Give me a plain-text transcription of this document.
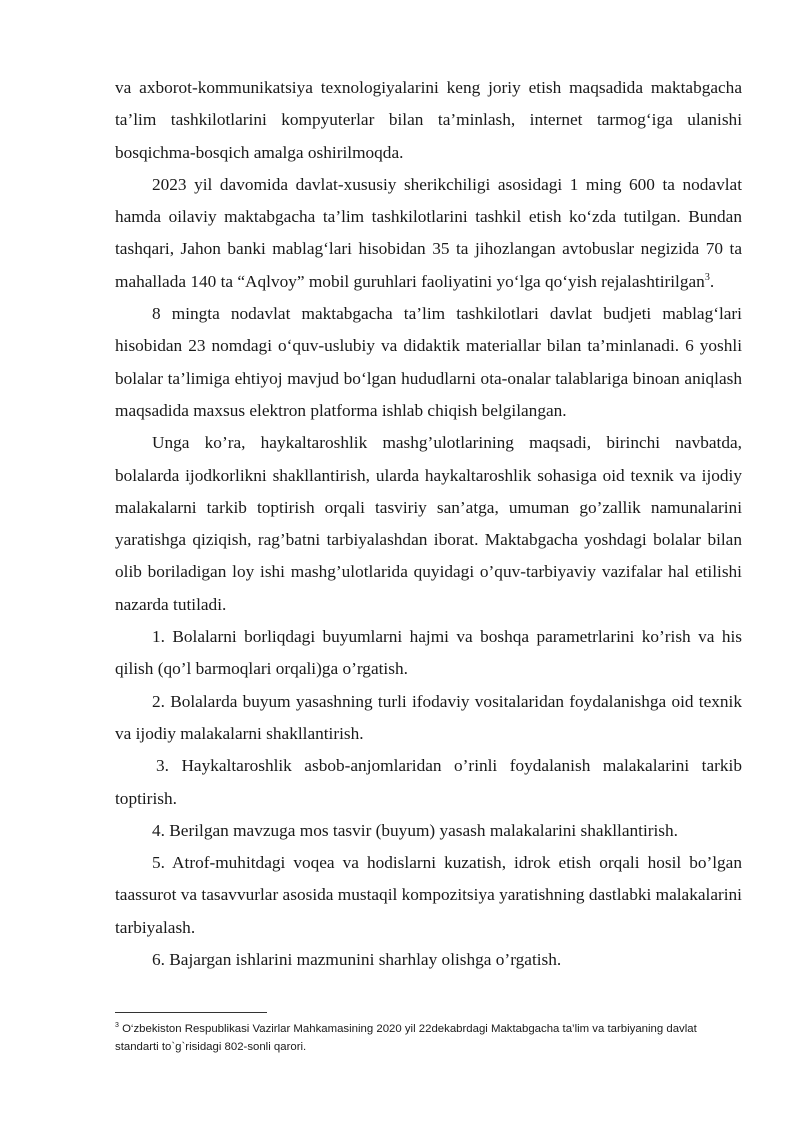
va axborot-kommunikatsiya texnologiyalarini keng joriy etish maqsadida maktabgacha ta’lim tashkilotlarini kompyuterlar bilan ta’minlash, internet tarmog‘iga ulanishi bosqichma-bosqich amalga oshirilmoqda.

2023 yil davomida davlat-xususiy sherikchiligi asosidagi 1 ming 600 ta nodavlat hamda oilaviy maktabgacha ta’lim tashkilotlarini tashkil etish ko‘zda tutilgan. Bundan tashqari, Jahon banki mablag‘lari hisobidan 35 ta jihozlangan avtobuslar negizida 70 ta mahallada 140 ta “Aqlvoy” mobil guruhlari faoliyatini yo‘lga qo‘yish rejalashtirilgan$^3$.

8 mingta nodavlat maktabgacha ta’lim tashkilotlari davlat budjeti mablag‘lari hisobidan 23 nomdagi o‘quv-uslubiy va didaktik materiallar bilan ta’minlanadi. 6 yoshli bolalar ta’limiga ehtiyoj mavjud bo‘lgan hududlarni ota-onalar talablariga binoan aniqlash maqsadida maxsus elektron platforma ishlab chiqish belgilangan.

Unga ko’ra, haykaltaroshlik mashg’ulotlarining maqsadi, birinchi navbatda, bolalarda ijodkorlikni shakllantirish, ularda haykaltaroshlik sohasiga oid texnik va ijodiy malakalarni tarkib toptirish orqali tasviriy san’atga, umuman go’zallik namunalarini yaratishga qiziqish, rag’batni tarbiyalashdan iborat. Maktabgacha yoshdagi bolalar bilan olib boriladigan loy ishi mashg’ulotlarida quyidagi o’quv-tarbiyaviy vazifalar hal etilishi nazarda tutiladi.

1. Bolalarni borliqdagi buyumlarni hajmi va boshqa parametrlarini ko’rish va his qilish (qo’l barmoqlari orqali)ga o’rgatish.

2. Bolalarda buyum yasashning turli ifodaviy vositalaridan foydalanishga oid texnik va ijodiy malakalarni shakllantirish.

3. Haykaltaroshlik asbob-anjomlaridan o’rinli foydalanish malakalarini tarkib toptirish.

4. Berilgan mavzuga mos tasvir (buyum) yasash malakalarini shakllantirish.

5. Atrof-muhitdagi voqea va hodislarni kuzatish, idrok etish orqali hosil bo’lgan taassurot va tasavvurlar asosida mustaqil kompozitsiya yaratishning dastlabki malakalarini tarbiyalash.

6. Bajargan ishlarini mazmunini sharhlay olishga o’rgatish.

$^3$ O‘zbekiston Respublikasi Vazirlar Mahkamasining 2020 yil 22dekabrdagi Maktabgacha ta’lim va tarbiyaning davlat standarti to`g`risidagi 802-sonli qarori.
